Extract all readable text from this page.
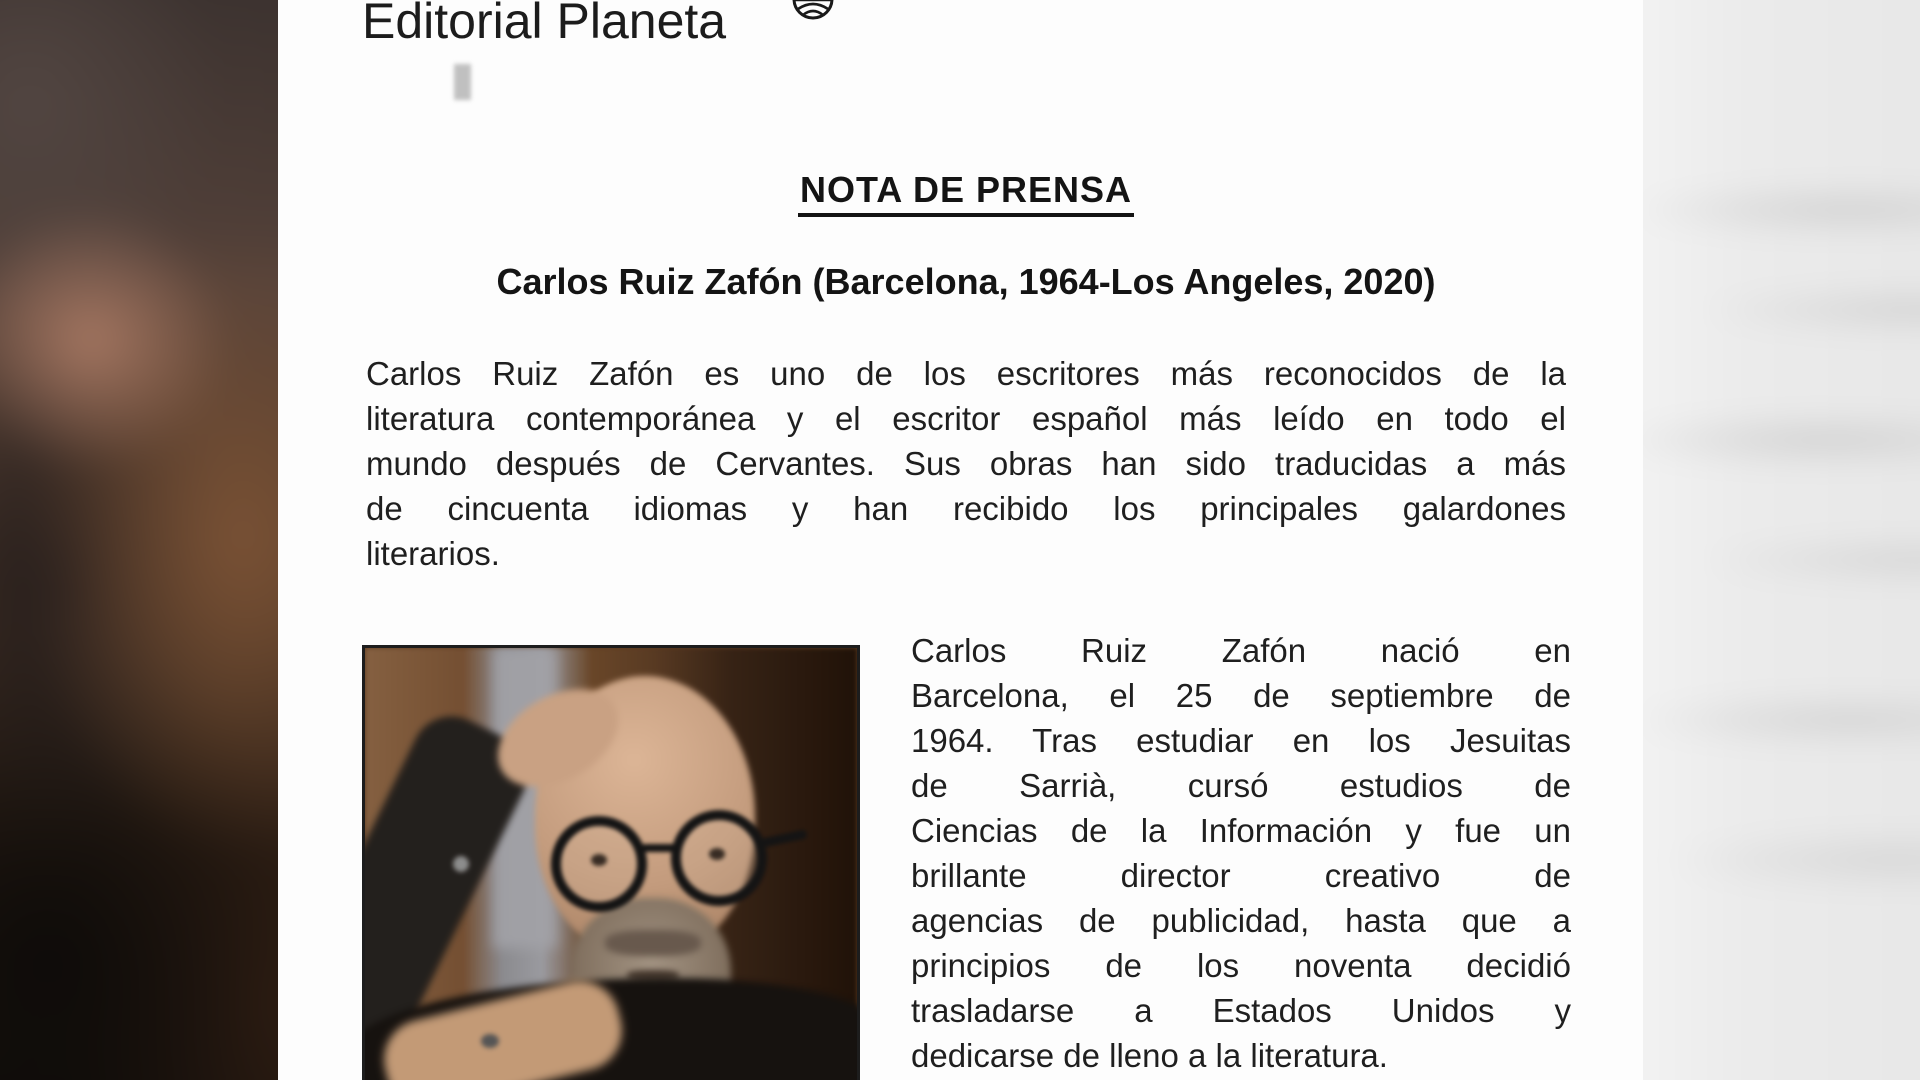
Editorial Planeta
NOTA DE PRENSA
Carlos Ruiz Zafón (Barcelona, 1964-Los Angeles, 2020)
Carlos Ruiz Zafón es uno de los escritores más reconocidos de la
literatura contemporánea y el escritor español más leído en todo el
mundo después de Cervantes. Sus obras han sido traducidas a más
de cincuenta idiomas y han recibido los principales galardones
literarios.
Carlos Ruiz Zafón nació en
Barcelona, el 25 de septiembre de
1964. Tras estudiar en los Jesuitas
de Sarrià, cursó estudios de
Ciencias de la Información y fue un
brillante director creativo de
agencias de publicidad, hasta que a
principios de los noventa decidió
trasladarse a Estados Unidos y
dedicarse de lleno a la literatura.
